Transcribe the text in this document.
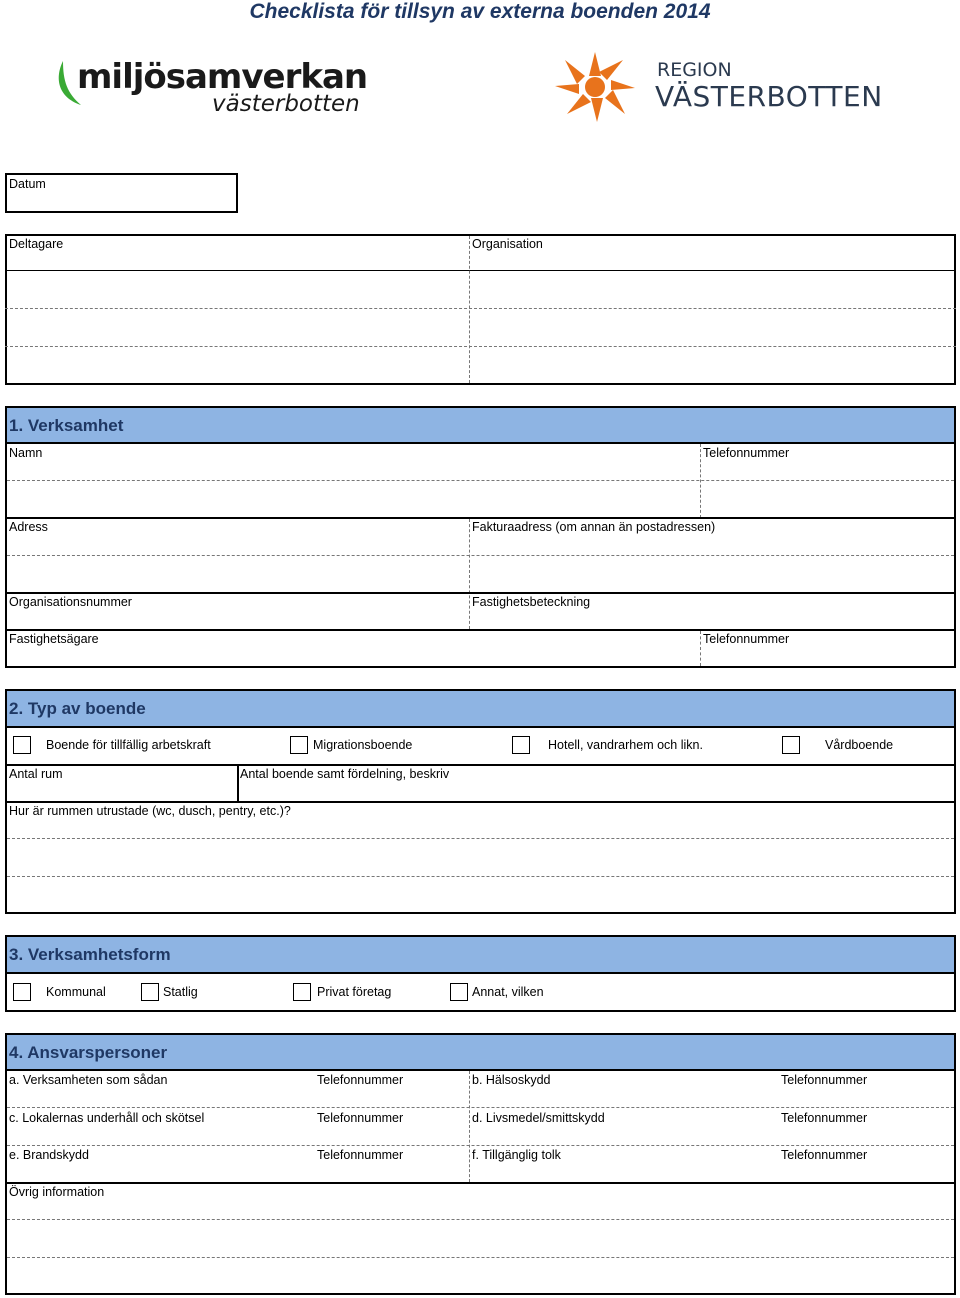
Checklista för tillsyn av externa boenden 2014
miljösamverkan
västerbotten
REGION
VÄSTERBOTTEN
Datum
Deltagare	Organisation
1. Verksamhet
Namn	Telefonnummer
Adress	Fakturaadress (om annan än postadressen)
Organisationsnummer	Fastighetsbeteckning
Fastighetsägare	Telefonnummer
2. Typ av boende
Boende för tillfällig arbetskraft	Migrationsboende	Hotell, vandrarhem och likn.	Vårdboende
Antal rum	Antal boende samt fördelning, beskriv
Hur är rummen utrustade (wc, dusch, pentry, etc.)?
3. Verksamhetsform
Kommunal	Statlig	Privat företag	Annat, vilken
4. Ansvarspersoner
a. Verksamheten som sådan	Telefonnummer	b. Hälsoskydd	Telefonnummer
c. Lokalernas underhåll och skötsel	Telefonnummer	d. Livsmedel/smittskydd	Telefonnummer
e. Brandskydd	Telefonnummer	f. Tillgänglig tolk	Telefonnummer
Övrig information
